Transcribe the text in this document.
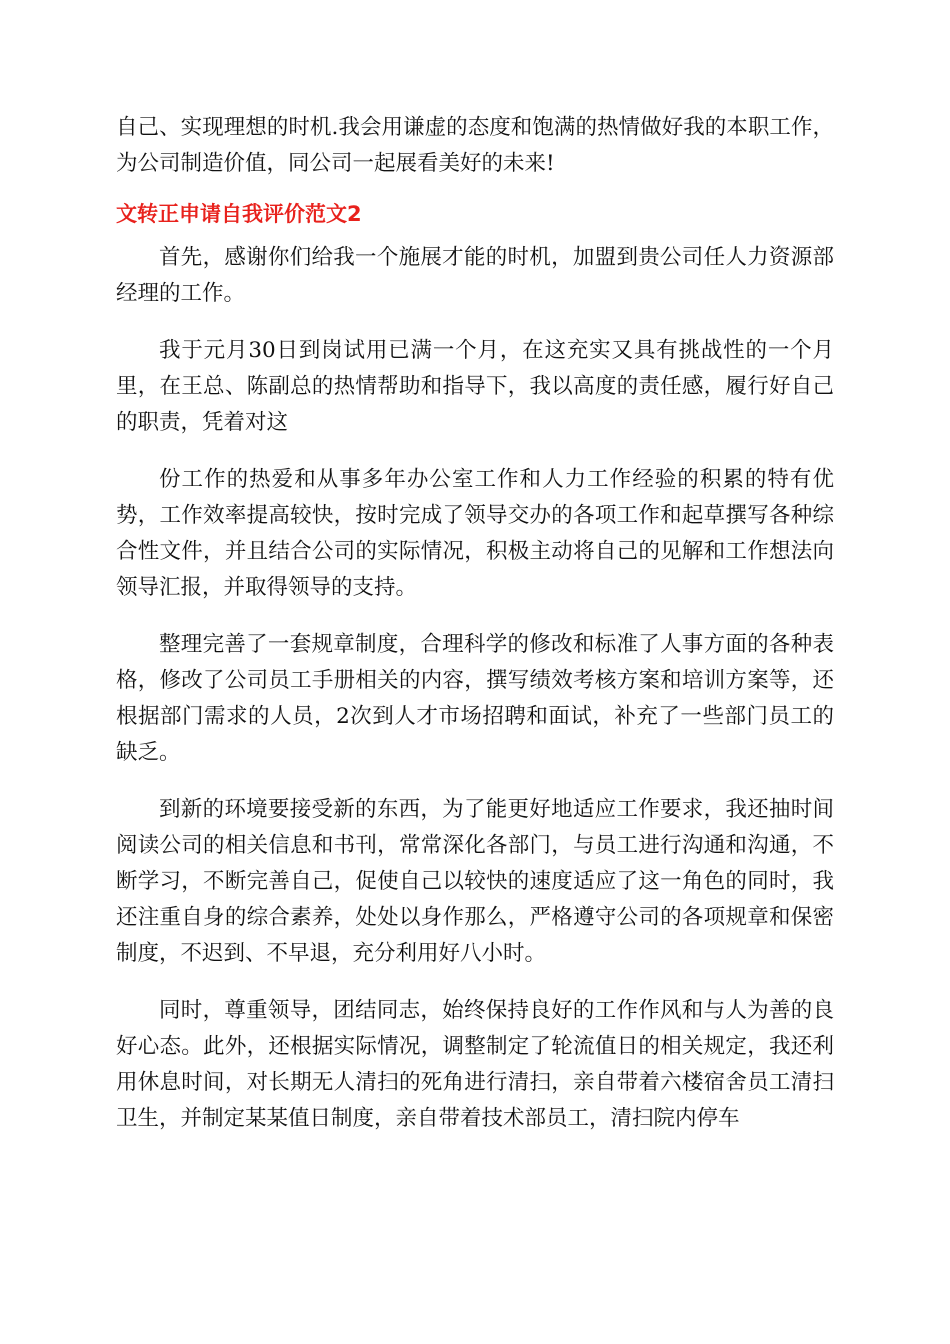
自己、实现理想的时机.我会用谦虚的态度和饱满的热情做好我的本职工作，为公司制造价值，同公司一起展看美好的未来!

文转正申请自我评价范文2

首先，感谢你们给我一个施展才能的时机，加盟到贵公司任人力资源部经理的工作。

我于元月30日到岗试用已满一个月，在这充实又具有挑战性的一个月里，在王总、陈副总的热情帮助和指导下，我以高度的责任感，履行好自己的职责，凭着对这

份工作的热爱和从事多年办公室工作和人力工作经验的积累的特有优势，工作效率提高较快，按时完成了领导交办的各项工作和起草撰写各种综合性文件，并且结合公司的实际情况，积极主动将自己的见解和工作想法向领导汇报，并取得领导的支持。

整理完善了一套规章制度，合理科学的修改和标准了人事方面的各种表格，修改了公司员工手册相关的内容，撰写绩效考核方案和培训方案等，还根据部门需求的人员，2次到人才市场招聘和面试，补充了一些部门员工的缺乏。

到新的环境要接受新的东西，为了能更好地适应工作要求，我还抽时间阅读公司的相关信息和书刊，常常深化各部门，与员工进行沟通和沟通，不断学习，不断完善自己，促使自己以较快的速度适应了这一角色的同时，我还注重自身的综合素养，处处以身作那么，严格遵守公司的各项规章和保密制度，不迟到、不早退，充分利用好八小时。

同时，尊重领导，团结同志，始终保持良好的工作作风和与人为善的良好心态。此外，还根据实际情况，调整制定了轮流值日的相关规定，我还利用休息时间，对长期无人清扫的死角进行清扫，亲自带着六楼宿舍员工清扫卫生，并制定某某值日制度，亲自带着技术部员工，清扫院内停车
